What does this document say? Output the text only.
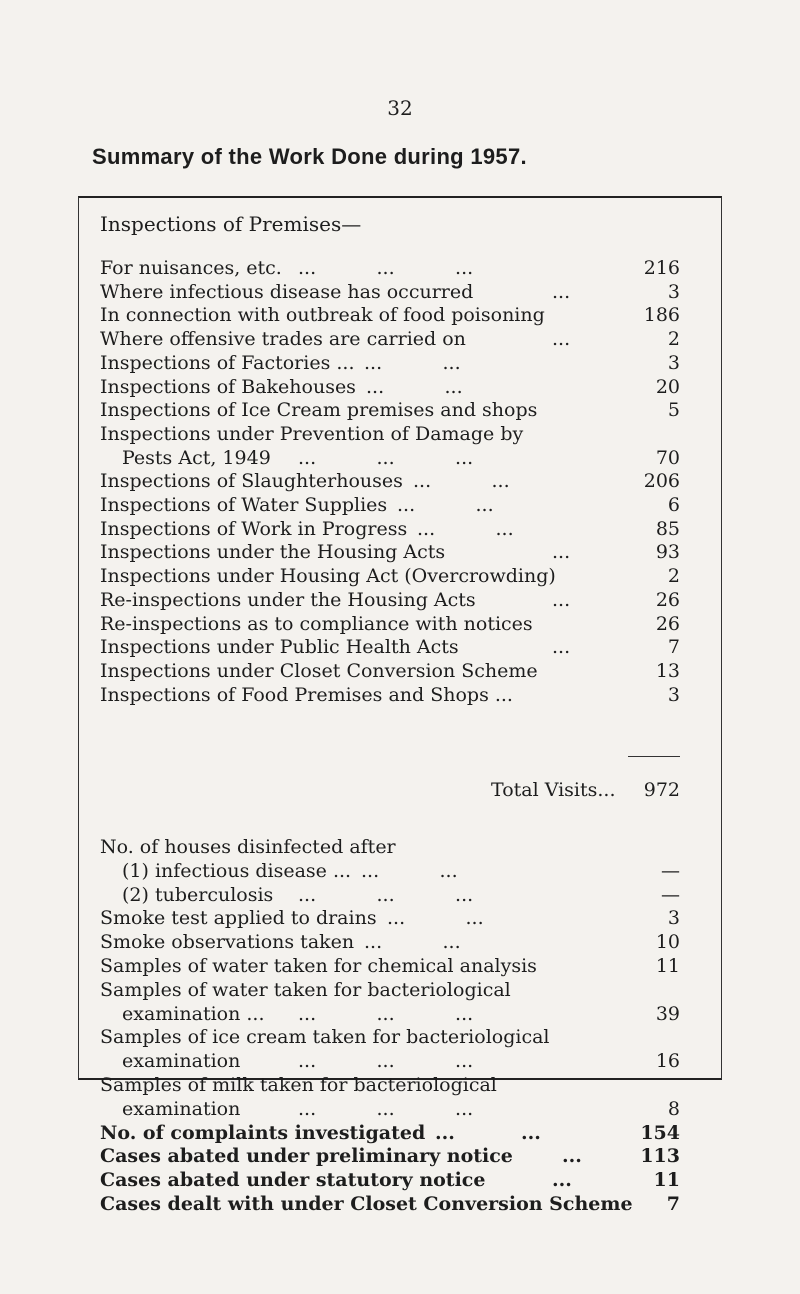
32
Summary of the Work Done during 1957.
Inspections of Premises—
For nuisances, etc. ...          ...          ...	216
Where infectious disease has occurred	...	3
In connection with outbreak of food poisoning	186
Where offensive trades are carried on	...	2
Inspections of Factories ... ...          ...	3
Inspections of Bakehouses ...          ...	20
Inspections of Ice Cream premises and shops	5
Inspections under Prevention of Damage by
Pests Act, 1949 ...          ...          ...	70
Inspections of Slaughterhouses ...          ...	206
Inspections of Water Supplies ...          ...	6
Inspections of Work in Progress ...          ...	85
Inspections under the Housing Acts	...	93
Inspections under Housing Act (Overcrowding)	2
Re-inspections under the Housing Acts	...	26
Re-inspections as to compliance with notices	26
Inspections under Public Health Acts	...	7
Inspections under Closet Conversion Scheme	13
Inspections of Food Premises and Shops ...	3
Total Visits... 972
No. of houses disinfected after
(1) infectious disease ... ...          ...	—
(2) tuberculosis ...          ...          ...	—
Smoke test applied to drains ...          ...	3
Smoke observations taken ...          ...	10
Samples of water taken for chemical analysis	11
Samples of water taken for bacteriological
examination ... ...          ...          ...	39
Samples of ice cream taken for bacteriological
examination	...          ...          ...	16
Samples of milk taken for bacteriological
examination	...          ...          ...	8
No. of complaints investigated ...          ...	154
Cases abated under preliminary notice	...	113
Cases abated under statutory notice	...	11
Cases dealt with under Closet Conversion Scheme 7
